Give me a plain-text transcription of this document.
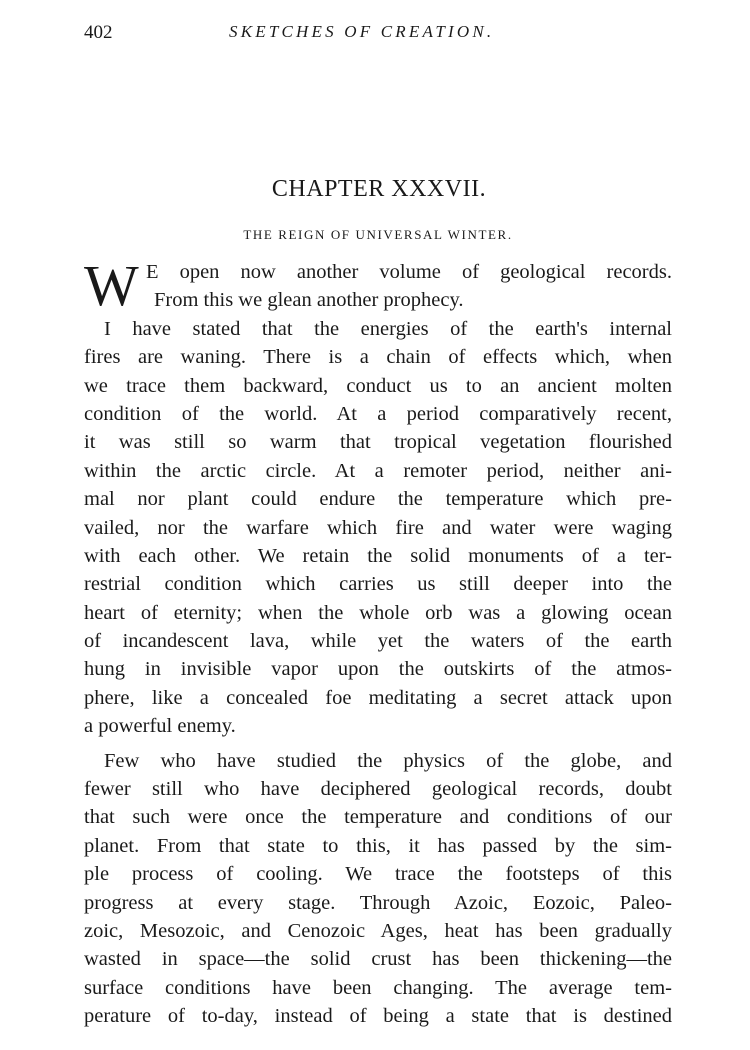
402	SKETCHES OF CREATION.
CHAPTER XXXVII.
THE REIGN OF UNIVERSAL WINTER.
W E open now another volume of geological records.
From this we glean another prophecy.
I have stated that the energies of the earth's internal
fires are waning. There is a chain of effects which, when
we trace them backward, conduct us to an ancient molten
condition of the world. At a period comparatively recent,
it was still so warm that tropical vegetation flourished
within the arctic circle. At a remoter period, neither ani-
mal nor plant could endure the temperature which pre-
vailed, nor the warfare which fire and water were waging
with each other. We retain the solid monuments of a ter-
restrial condition which carries us still deeper into the
heart of eternity; when the whole orb was a glowing ocean
of incandescent lava, while yet the waters of the earth
hung in invisible vapor upon the outskirts of the atmos-
phere, like a concealed foe meditating a secret attack upon
a powerful enemy.
Few who have studied the physics of the globe, and
fewer still who have deciphered geological records, doubt
that such were once the temperature and conditions of our
planet. From that state to this, it has passed by the sim-
ple process of cooling. We trace the footsteps of this
progress at every stage. Through Azoic, Eozoic, Paleo-
zoic, Mesozoic, and Cenozoic Ages, heat has been gradually
wasted in space—the solid crust has been thickening—the
surface conditions have been changing. The average tem-
perature of to-day, instead of being a state that is destined
